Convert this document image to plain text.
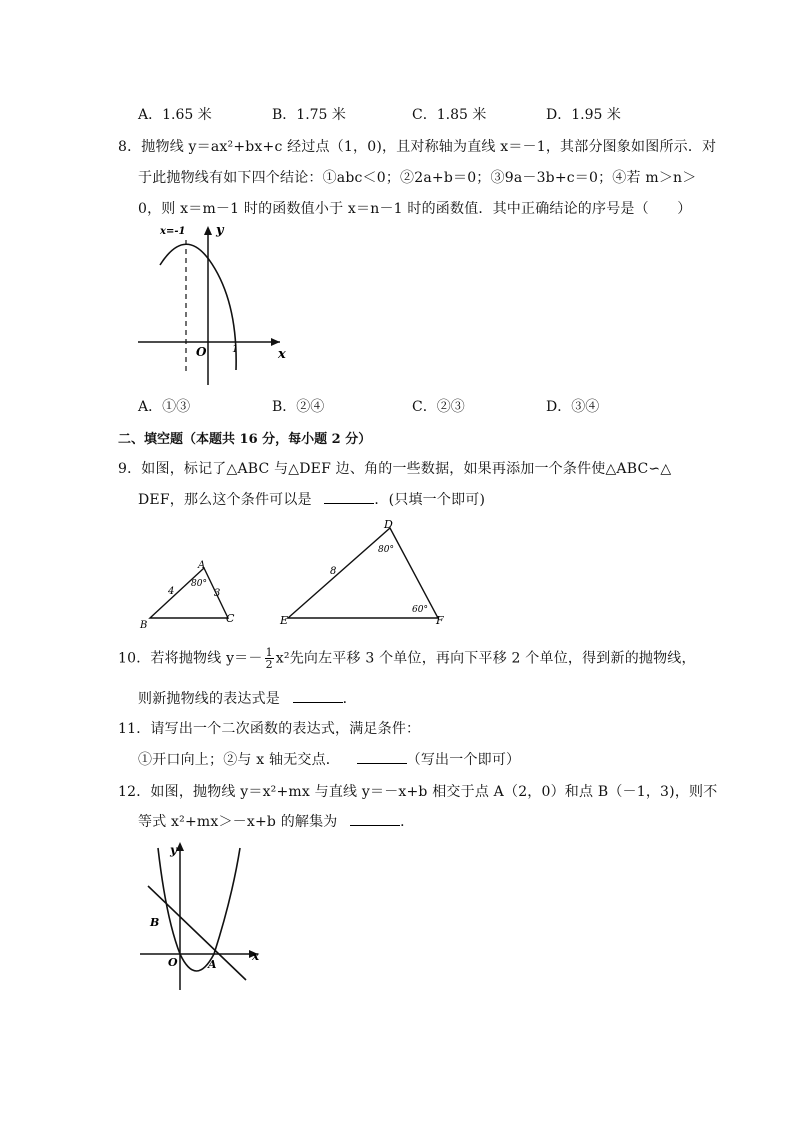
A．1.65 米	B．1.75 米	C．1.85 米	D．1.95 米
8．抛物线 y＝ax²+bx+c 经过点（1，0)，且对称轴为直线 x＝－1，其部分图象如图所示．对
于此抛物线有如下四个结论：①abc＜0；②2a+b＝0；③9a－3b+c＝0；④若 m＞n＞
0，则 x＝m－1 时的函数值小于 x＝n－1 时的函数值．其中正确结论的序号是（　　）
x
y
O	1
x=-1
A．①③	B．②④	C．②③	D．③④
二、填空题（本题共 16 分，每小题 2 分）
9．如图，标记了△ABC 与△DEF 边、角的一些数据，如果再添加一个条件使△ABC∽△
DEF，那么这个条件可以是	．(只填一个即可)
A
B
C
4	3
80°
D
E	F
8
80°
60°
10．若将抛物线 $y=- \frac{1}{2} x^2$先向左平移 3 个单位，再向下平移 2 个单位，得到新的抛物线，
则新抛物线的表达式是	．
11．请写出一个二次函数的表达式，满足条件：
①开口向上；②与 x 轴无交点．	（写出一个即可）
12．如图，抛物线 y＝x²+mx 与直线 y＝－x+b 相交于点 A（2，0）和点 B（－1，3)，则不
等式 x²+mx＞－x+b 的解集为	．
x
y
O	A
B
